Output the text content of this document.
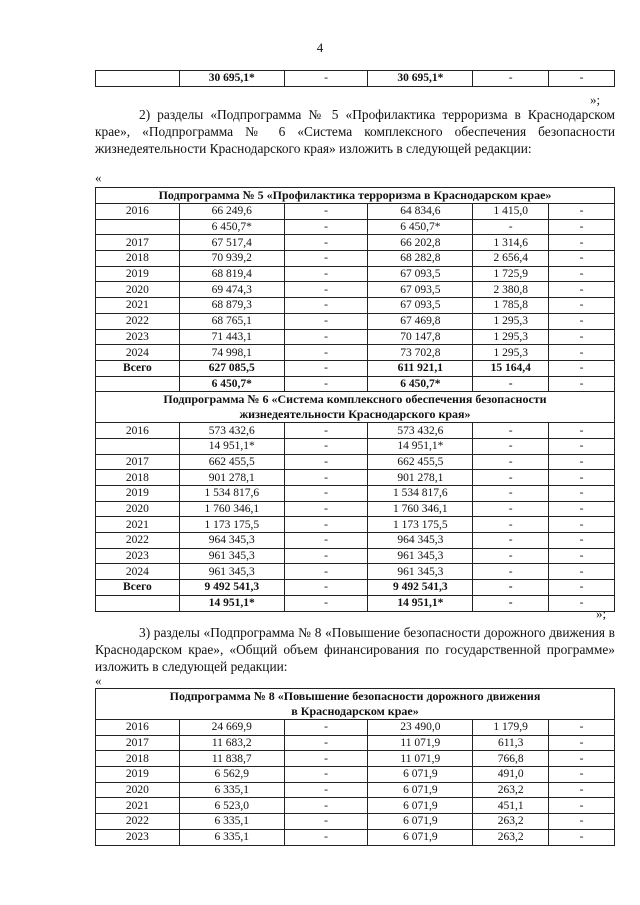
4
	30 695,1*	-	30 695,1*	-	-
»;
2) разделы «Подпрограмма № 5 «Профилактика терроризма в Краснодарском крае», «Подпрограмма № 6 «Система комплексного обеспечения безопасности жизнедеятельности Краснодарского края» изложить в следующей редакции:
«
Подпрограмма № 5 «Профилактика терроризма в Краснодарском крае»					
2016	66 249,6	-	64 834,6	1 415,0	-
	6 450,7*	-	6 450,7*	-	-
2017	67 517,4	-	66 202,8	1 314,6	-
2018	70 939,2	-	68 282,8	2 656,4	-
2019	68 819,4	-	67 093,5	1 725,9	-
2020	69 474,3	-	67 093,5	2 380,8	-
2021	68 879,3	-	67 093,5	1 785,8	-
2022	68 765,1	-	67 469,8	1 295,3	-
2023	71 443,1	-	70 147,8	1 295,3	-
2024	74 998,1	-	73 702,8	1 295,3	-
Всего	627 085,5	-	611 921,1	15 164,4	-
	6 450,7*	-	6 450,7*	-	-
Подпрограмма № 6 «Система комплексного обеспечения безопасности
жизнедеятельности Краснодарского края»					
2016	573 432,6	-	573 432,6	-	-
	14 951,1*	-	14 951,1*	-	-
2017	662 455,5	-	662 455,5	-	-
2018	901 278,1	-	901 278,1	-	-
2019	1 534 817,6	-	1 534 817,6	-	-
2020	1 760 346,1	-	1 760 346,1	-	-
2021	1 173 175,5	-	1 173 175,5	-	-
2022	964 345,3	-	964 345,3	-	-
2023	961 345,3	-	961 345,3	-	-
2024	961 345,3	-	961 345,3	-	-
Всего	9 492 541,3	-	9 492 541,3	-	-
	14 951,1*	-	14 951,1*	-	-
»;
3) разделы «Подпрограмма № 8 «Повышение безопасности дорожного движения в Краснодарском крае», «Общий объем финансирования по государственной программе» изложить в следующей редакции:
«
Подпрограмма № 8 «Повышение безопасности дорожного движения
в Краснодарском крае»					
2016	24 669,9	-	23 490,0	1 179,9	-
2017	11 683,2	-	11 071,9	611,3	-
2018	11 838,7	-	11 071,9	766,8	-
2019	6 562,9	-	6 071,9	491,0	-
2020	6 335,1	-	6 071,9	263,2	-
2021	6 523,0	-	6 071,9	451,1	-
2022	6 335,1	-	6 071,9	263,2	-
2023	6 335,1	-	6 071,9	263,2	-
